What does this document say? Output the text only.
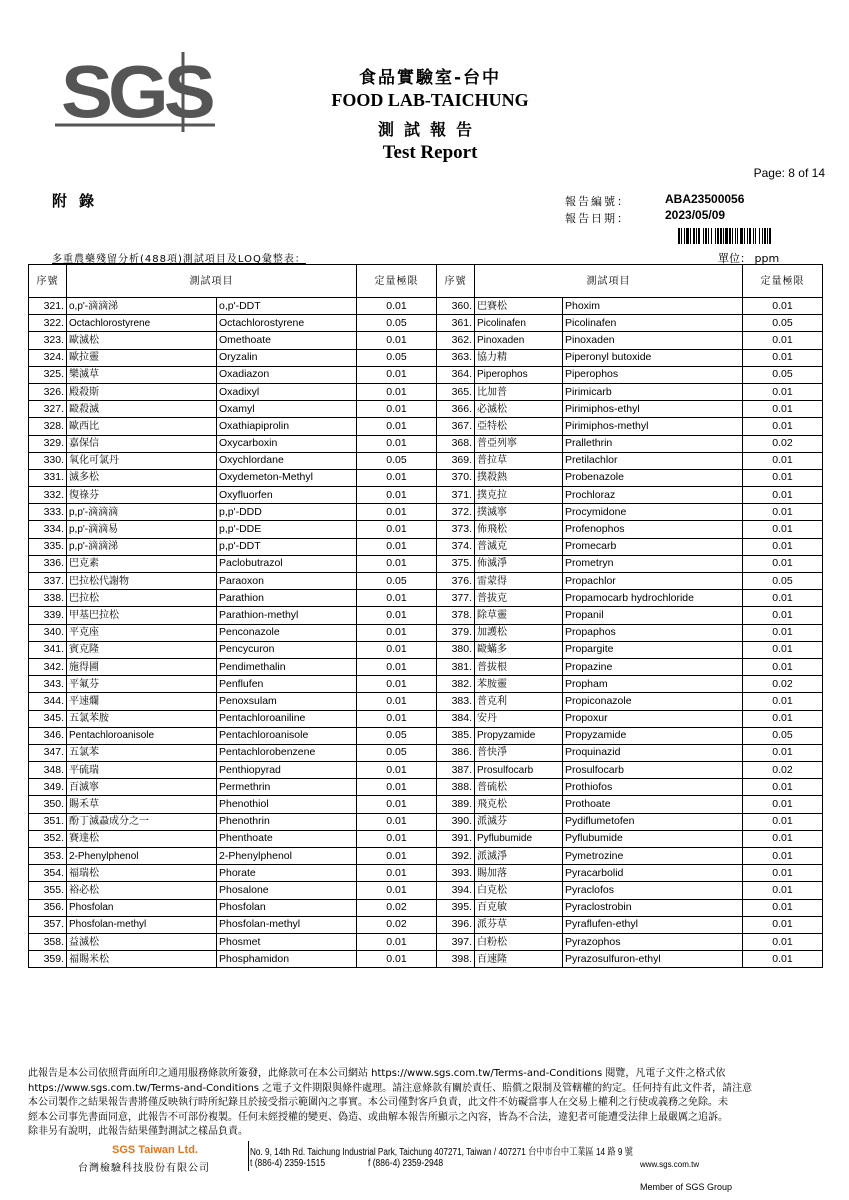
SGS	食品實驗室-台中
FOOD LAB-TAICHUNG
測試報告
Test Report
Page: 8 of 14
附錄	報告編號：	ABA23500056
報告日期：	2023/05/09
多重農藥殘留分析(488項)測試項目及LOQ彙整表：	單位： ppm
序號	測試項目		定量極限	序號	測試項目		定量極限
321.	o,p'-滴滴涕	o,p'-DDT	0.01	360.	巴賽松	Phoxim	0.01
322.	Octachlorostyrene	Octachlorostyrene	0.05	361.	Picolinafen	Picolinafen	0.05
323.	歐滅松	Omethoate	0.01	362.	Pinoxaden	Pinoxaden	0.01
324.	歐拉靈	Oryzalin	0.05	363.	協力精	Piperonyl butoxide	0.01
325.	樂滅草	Oxadiazon	0.01	364.	Piperophos	Piperophos	0.05
326.	殿殺斯	Oxadixyl	0.01	365.	比加普	Pirimicarb	0.01
327.	毆殺滅	Oxamyl	0.01	366.	必滅松	Pirimiphos-ethyl	0.01
328.	歐西比	Oxathiapiprolin	0.01	367.	亞特松	Pirimiphos-methyl	0.01
329.	嘉保信	Oxycarboxin	0.01	368.	普亞列寧	Prallethrin	0.02
330.	氧化可氯丹	Oxychlordane	0.05	369.	普拉草	Pretilachlor	0.01
331.	滅多松	Oxydemeton-Methyl	0.01	370.	撲殺熱	Probenazole	0.01
332.	復祿芬	Oxyfluorfen	0.01	371.	撲克拉	Prochloraz	0.01
333.	p,p'-滴滴滴	p,p'-DDD	0.01	372.	撲滅寧	Procymidone	0.01
334.	p,p'-滴滴易	p,p'-DDE	0.01	373.	佈飛松	Profenophos	0.01
335.	p,p'-滴滴涕	p,p'-DDT	0.01	374.	普滅克	Promecarb	0.01
336.	巴克素	Paclobutrazol	0.01	375.	佈滅淨	Prometryn	0.01
337.	巴拉松代謝物	Paraoxon	0.05	376.	雷蒙得	Propachlor	0.05
338.	巴拉松	Parathion	0.01	377.	普拔克	Propamocarb hydrochloride	0.01
339.	甲基巴拉松	Parathion-methyl	0.01	378.	除草靈	Propanil	0.01
340.	平克座	Penconazole	0.01	379.	加護松	Propaphos	0.01
341.	賓克隆	Pencycuron	0.01	380.	毆蟎多	Propargite	0.01
342.	施得圃	Pendimethalin	0.01	381.	普拔根	Propazine	0.01
343.	平氟芬	Penflufen	0.01	382.	苯胺靈	Propham	0.02
344.	平速爛	Penoxsulam	0.01	383.	普克利	Propiconazole	0.01
345.	五氯苯胺	Pentachloroaniline	0.01	384.	安丹	Propoxur	0.01
346.	Pentachloroanisole	Pentachloroanisole	0.05	385.	Propyzamide	Propyzamide	0.05
347.	五氯苯	Pentachlorobenzene	0.05	386.	普快淨	Proquinazid	0.01
348.	平硫瑞	Penthiopyrad	0.01	387.	Prosulfocarb	Prosulfocarb	0.02
349.	百滅寧	Permethrin	0.01	388.	普硫松	Prothiofos	0.01
350.	賜禾草	Phenothiol	0.01	389.	飛克松	Prothoate	0.01
351.	酚丁滅蝨成分之一	Phenothrin	0.01	390.	派滅芬	Pydiflumetofen	0.01
352.	賽達松	Phenthoate	0.01	391.	Pyflubumide	Pyflubumide	0.01
353.	2-Phenylphenol	2-Phenylphenol	0.01	392.	派滅淨	Pymetrozine	0.01
354.	福瑞松	Phorate	0.01	393.	賜加落	Pyracarbolid	0.01
355.	裕必松	Phosalone	0.01	394.	白克松	Pyraclofos	0.01
356.	Phosfolan	Phosfolan	0.02	395.	百克敏	Pyraclostrobin	0.01
357.	Phosfolan-methyl	Phosfolan-methyl	0.02	396.	派芬草	Pyraflufen-ethyl	0.01
358.	益滅松	Phosmet	0.01	397.	白粉松	Pyrazophos	0.01
359.	福賜米松	Phosphamidon	0.01	398.	百速隆	Pyrazosulfuron-ethyl	0.01
此報告是本公司依照背面所印之通用服務條款所簽發，此條款可在本公司網站 https://www.sgs.com.tw/Terms-and-Conditions 閱覽，凡電子文件之格式依
https://www.sgs.com.tw/Terms-and-Conditions 之電子文件期限與條件處理。請注意條款有關於責任、賠償之限制及管轄權的約定。任何持有此文件者，請注意
本公司製作之結果報告書將僅反映執行時所紀錄且於接受指示範圍內之事實。本公司僅對客戶負責，此文件不妨礙當事人在交易上權利之行使或義務之免除。未
經本公司事先書面同意，此報告不可部份複製。任何未經授權的變更、偽造、或曲解本報告所顯示之內容，皆為不合法，違犯者可能遭受法律上最嚴厲之追訴。
除非另有說明，此報告結果僅對測試之樣品負責。
SGS Taiwan Ltd.
台灣檢驗科技股份有限公司
No. 9, 14th Rd. Taichung Industrial Park, Taichung 407271, Taiwan / 407271 台中市台中工業區 14 路 9 號
t (886-4) 2359-1515	f (886-4) 2359-2948	www.sgs.com.tw
Member of SGS Group
